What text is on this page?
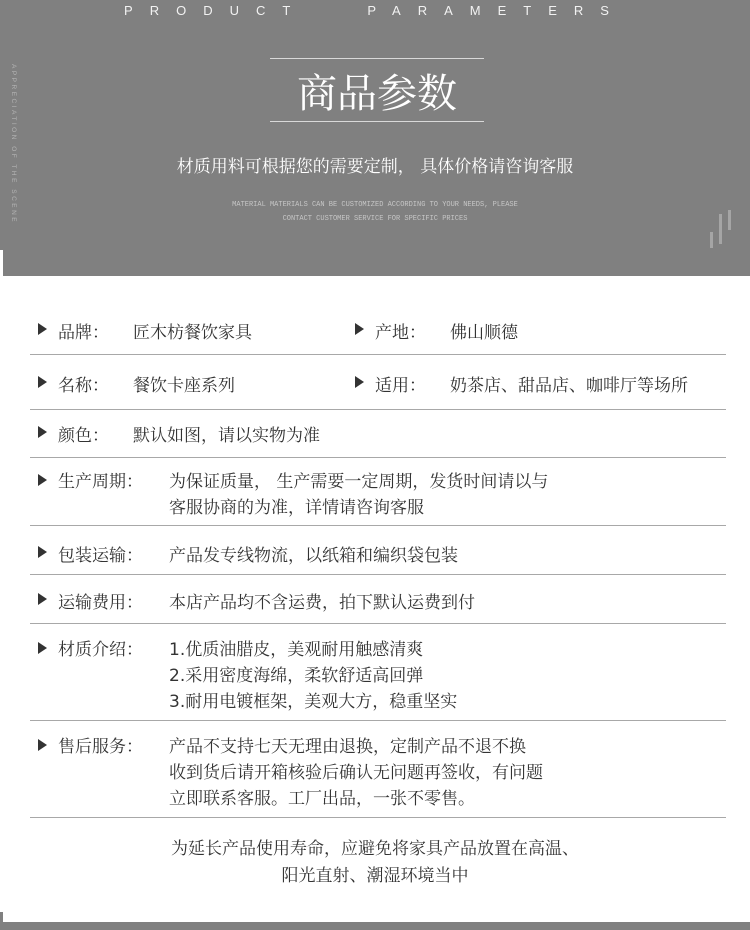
PRODUCT	PARAMETERS
APPRECIATION OF THE SCENE	商品参数
材质用料可根据您的需要定制， 具体价格请咨询客服
MATERIAL MATERIALS CAN BE CUSTOMIZED ACCORDING TO YOUR NEEDS, PLEASE
CONTACT CUSTOMER SERVICE FOR SPECIFIC PRICES
品牌： 匠木枋餐饮家具	产地： 佛山顺德
名称： 餐饮卡座系列	适用： 奶茶店、甜品店、咖啡厅等场所
颜色： 默认如图，请以实物为准
生产周期： 为保证质量， 生产需要一定周期，发货时间请以与
客服协商的为准，详情请咨询客服
包装运输： 产品发专线物流，以纸箱和编织袋包装
运输费用： 本店产品均不含运费，拍下默认运费到付
材质介绍： 1.优质油腊皮，美观耐用触感清爽
2.采用密度海绵，柔软舒适高回弹
3.耐用电镀框架，美观大方，稳重坚实
售后服务： 产品不支持七天无理由退换，定制产品不退不换
收到货后请开箱核验后确认无问题再签收，有问题
立即联系客服。工厂出品，一张不零售。
为延长产品使用寿命，应避免将家具产品放置在高温、
阳光直射、潮湿环境当中
